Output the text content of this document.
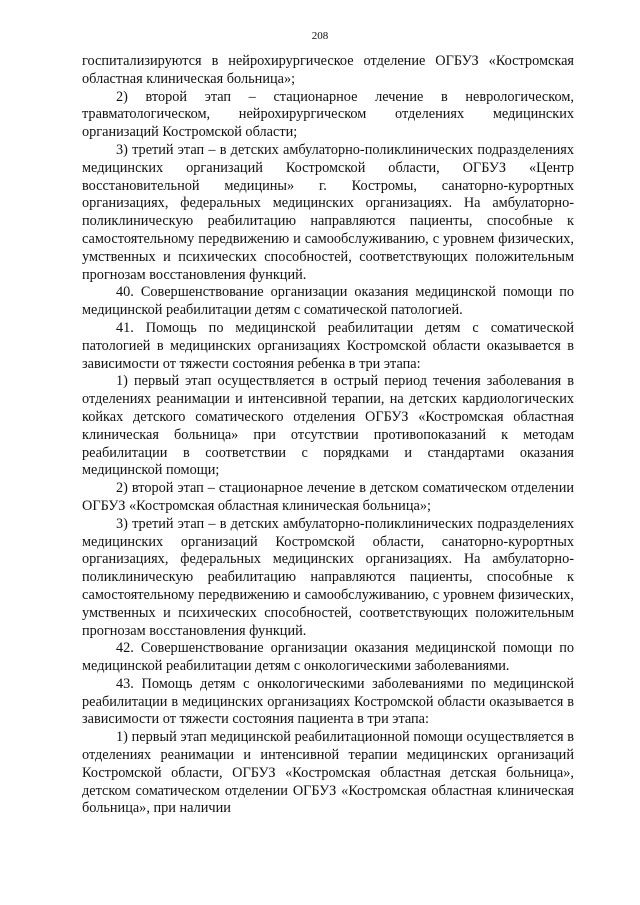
208

госпитализируются в нейрохирургическое отделение ОГБУЗ «Костромская областная клиническая больница»;

2) второй этап – стационарное лечение в неврологическом, травматологическом, нейрохирургическом отделениях медицинских организаций Костромской области;

3) третий этап – в детских амбулаторно-поликлинических подразделениях медицинских организаций Костромской области, ОГБУЗ «Центр восстановительной медицины» г. Костромы, санаторно-курортных организациях, федеральных медицинских организациях. На амбулаторно-поликлиническую реабилитацию направляются пациенты, способные к самостоятельному передвижению и самообслуживанию, с уровнем физических, умственных и психических способностей, соответствующих положительным прогнозам восстановления функций.

40. Совершенствование организации оказания медицинской помощи по медицинской реабилитации детям с соматической патологией.

41. Помощь по медицинской реабилитации детям с соматической патологией в медицинских организациях Костромской области оказывается в зависимости от тяжести состояния ребенка в три этапа:

1) первый этап осуществляется в острый период течения заболевания в отделениях реанимации и интенсивной терапии, на детских кардиологических койках детского соматического отделения ОГБУЗ «Костромская областная клиническая больница» при отсутствии противопоказаний к методам реабилитации в соответствии с порядками и стандартами оказания медицинской помощи;

2) второй этап – стационарное лечение в детском соматическом отделении ОГБУЗ «Костромская областная клиническая больница»;

3) третий этап – в детских амбулаторно-поликлинических подразделениях медицинских организаций Костромской области, санаторно-курортных организациях, федеральных медицинских организациях. На амбулаторно-поликлиническую реабилитацию направляются пациенты, способные к самостоятельному передвижению и самообслуживанию, с уровнем физических, умственных и психических способностей, соответствующих положительным прогнозам восстановления функций.

42. Совершенствование организации оказания медицинской помощи по медицинской реабилитации детям с онкологическими заболеваниями.

43. Помощь детям с онкологическими заболеваниями по медицинской реабилитации в медицинских организациях Костромской области оказывается в зависимости от тяжести состояния пациента в три этапа:

1) первый этап медицинской реабилитационной помощи осуществляется в отделениях реанимации и интенсивной терапии медицинских организаций Костромской области, ОГБУЗ «Костромская областная детская больница», детском соматическом отделении ОГБУЗ «Костромская областная клиническая больница», при наличии
